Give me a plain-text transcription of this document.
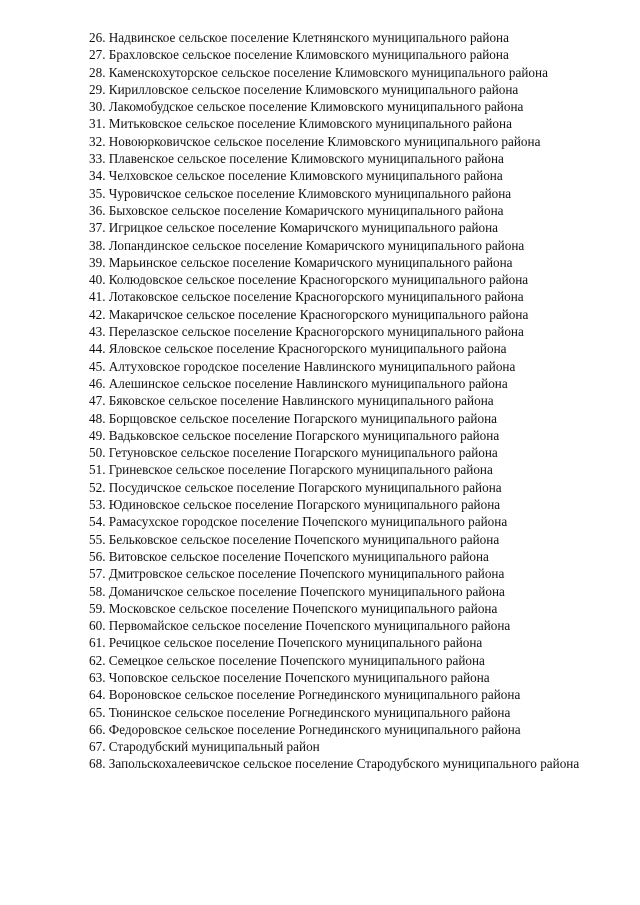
26. Надвинское сельское поселение Клетнянского муниципального района

27. Брахловское сельское поселение Климовского муниципального района

28. Каменскохуторское сельское поселение Климовского муниципального района

29. Кирилловское сельское поселение Климовского муниципального района

30. Лакомобудское сельское поселение Климовского муниципального района

31. Митьковское сельское поселение Климовского муниципального района

32. Новоюрковичское сельское поселение Климовского муниципального района

33. Плавенское сельское поселение Климовского муниципального района

34. Челховское сельское поселение Климовского муниципального района

35. Чуровичское сельское поселение Климовского муниципального района

36. Быховское сельское поселение Комаричского муниципального района

37. Игрицкое сельское поселение Комаричского муниципального района

38. Лопандинское сельское поселение Комаричского муниципального района

39. Марьинское сельское поселение Комаричского муниципального района

40. Колюдовское сельское поселение Красногорского муниципального района

41. Лотаковское сельское поселение Красногорского муниципального района

42. Макаричское сельское поселение Красногорского муниципального района

43. Перелазское сельское поселение Красногорского муниципального района

44. Яловское сельское поселение Красногорского муниципального района

45. Алтуховское городское поселение Навлинского муниципального района

46. Алешинское сельское поселение Навлинского муниципального района

47. Бяковское сельское поселение Навлинского муниципального района

48. Борщовское сельское поселение Погарского муниципального района

49. Вадьковское сельское поселение Погарского муниципального района

50. Гетуновское сельское поселение Погарского муниципального района

51. Гриневское сельское поселение Погарского муниципального района

52. Посудичское сельское поселение Погарского муниципального района

53. Юдиновское сельское поселение Погарского муниципального района

54. Рамасухское городское поселение Почепского муниципального района

55. Бельковское сельское поселение Почепского муниципального района

56. Витовское сельское поселение Почепского муниципального района

57. Дмитровское сельское поселение Почепского муниципального района

58. Доманичское сельское поселение Почепского муниципального района

59. Московское сельское поселение Почепского муниципального района

60. Первомайское сельское поселение Почепского муниципального района

61. Речицкое сельское поселение Почепского муниципального района

62. Семецкое сельское поселение Почепского муниципального района

63. Чоповское сельское поселение Почепского муниципального района

64. Вороновское сельское поселение Рогнединского муниципального района

65. Тюнинское сельское поселение Рогнединского муниципального района

66. Федоровское сельское поселение Рогнединского муниципального района

67. Стародубский муниципальный район

68. Запольскохалеевичское сельское поселение Стародубского муниципального района
